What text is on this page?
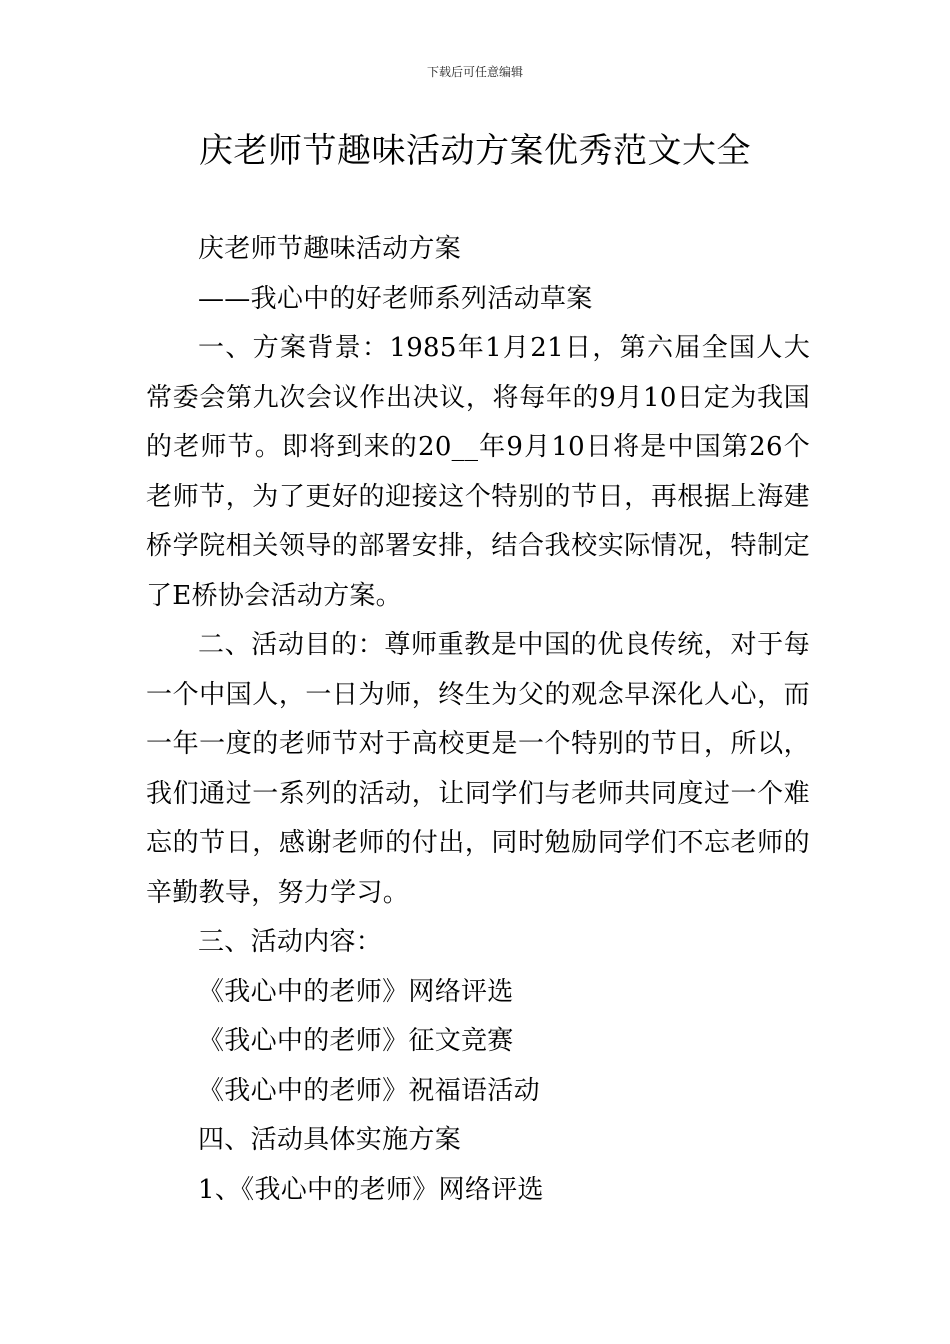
下载后可任意编辑
庆老师节趣味活动方案优秀范文大全

庆老师节趣味活动方案

——我心中的好老师系列活动草案

一、方案背景：1985年1月21日，第六届全国人大常委会第九次会议作出决议，将每年的9月10日定为我国的老师节。即将到来的20__年9月10日将是中国第26个老师节，为了更好的迎接这个特别的节日，再根据上海建桥学院相关领导的部署安排，结合我校实际情况，特制定了E桥协会活动方案。

二、活动目的：尊师重教是中国的优良传统，对于每一个中国人，一日为师，终生为父的观念早深化人心，而一年一度的老师节对于高校更是一个特别的节日，所以，我们通过一系列的活动，让同学们与老师共同度过一个难忘的节日，感谢老师的付出，同时勉励同学们不忘老师的辛勤教导，努力学习。

三、活动内容：

《我心中的老师》网络评选

《我心中的老师》征文竞赛

《我心中的老师》祝福语活动

四、活动具体实施方案

1、《我心中的老师》网络评选
